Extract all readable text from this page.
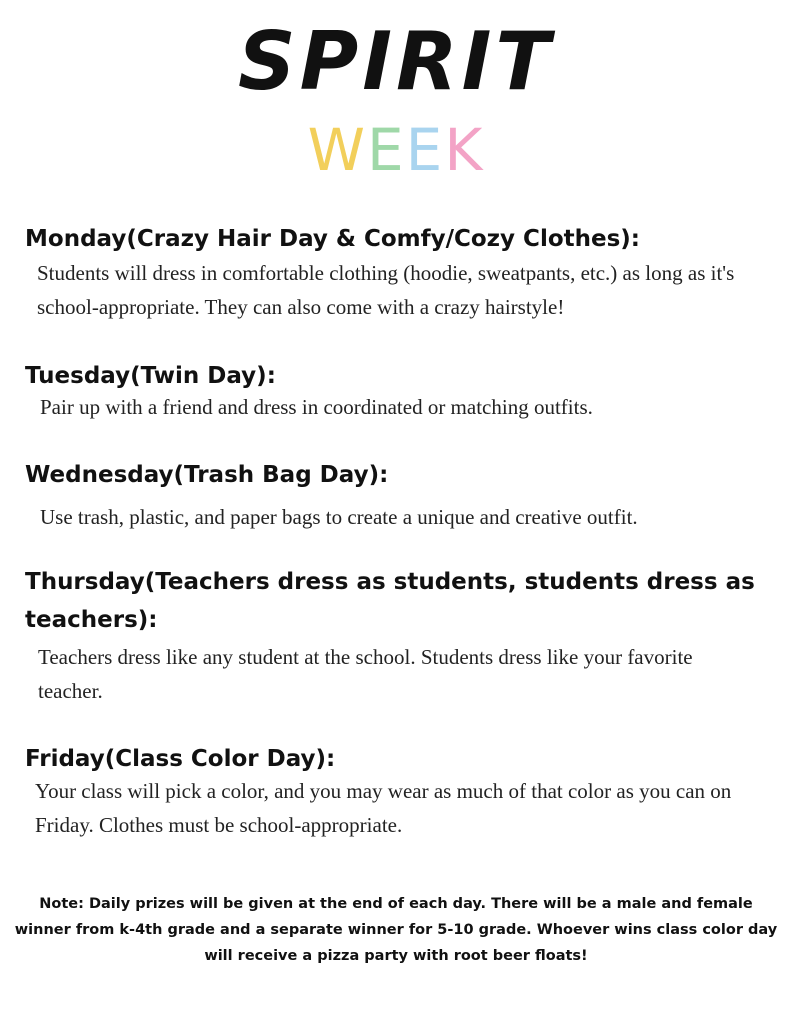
SPIRIT
WEEK
Monday(Crazy Hair Day & Comfy/Cozy Clothes):
Students will dress in comfortable clothing (hoodie, sweatpants, etc.) as long as it's school-appropriate. They can also come with a crazy hairstyle!
Tuesday(Twin Day):
Pair up with a friend and dress in coordinated or matching outfits.
Wednesday(Trash Bag Day):
Use trash, plastic, and paper bags to create a unique and creative outfit.
Thursday(Teachers dress as students, students dress as teachers):
Teachers dress like any student at the school. Students dress like your favorite teacher.
Friday(Class Color Day):
Your class will pick a color, and you may wear as much of that color as you can on Friday. Clothes must be school-appropriate.
Note: Daily prizes will be given at the end of each day. There will be a male and female winner from k-4th grade and a separate winner for 5-10 grade. Whoever wins class color day will receive a pizza party with root beer floats!
